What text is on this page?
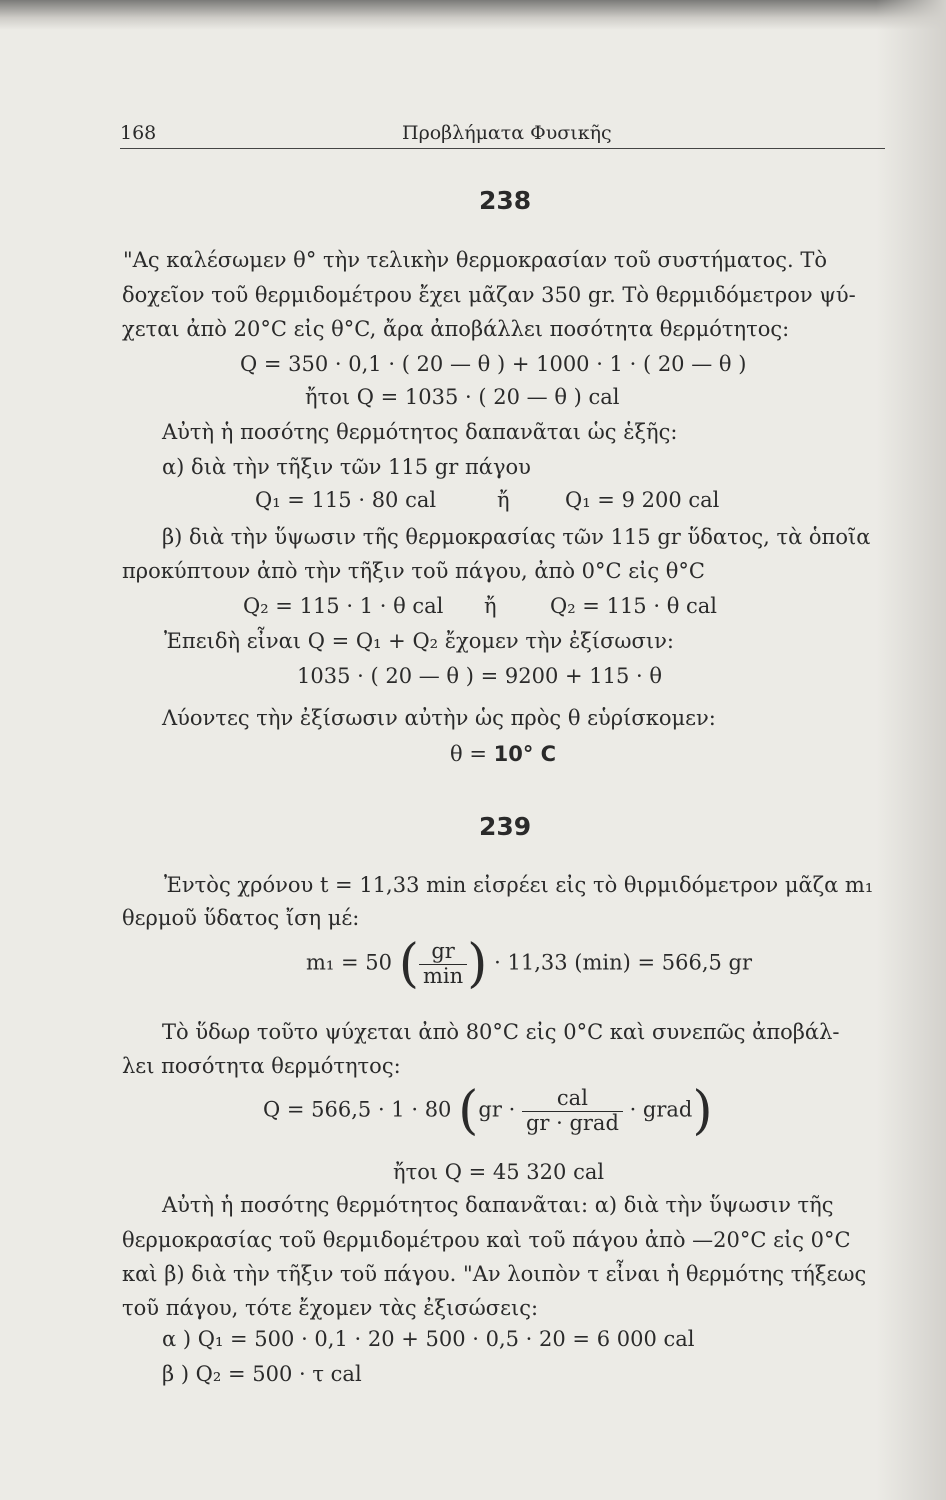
168	Προβλήματα Φυσικῆς
238
"Ας καλέσωμεν θ° τὴν τελικὴν θερμοκρασίαν τοῦ συστήματος. Τὸ
δοχεῖον τοῦ θερμιδομέτρου ἔχει μᾶζαν 350 gr. Τὸ θερμιδόμετρον ψύ-
χεται ἀπὸ 20°C εἰς θ°C, ἄρα ἀποβάλλει ποσότητα θερμότητος:
Q = 350 · 0,1 · ( 20 — θ ) + 1000 · 1 · ( 20 — θ )
ἤτοι Q = 1035 · ( 20 — θ ) cal
Αὐτὴ ἡ ποσότης θερμότητος δαπανᾶται ὡς ἑξῆς:
α) διὰ τὴν τῆξιν τῶν 115 gr πάγου
Q₁ = 115 · 80 cal	ἤ	Q₁ = 9 200 cal
β) διὰ τὴν ὕψωσιν τῆς θερμοκρασίας τῶν 115 gr ὕδατος, τὰ ὁποῖα
προκύπτουν ἀπὸ τὴν τῆξιν τοῦ πάγου, ἀπὸ 0°C εἰς θ°C
Q₂ = 115 · 1 · θ cal ἤ	Q₂ = 115 · θ cal
Ἐπειδὴ εἶναι Q = Q₁ + Q₂ ἔχομεν τὴν ἐξίσωσιν:
1035 · ( 20 — θ ) = 9200 + 115 · θ
Λύοντες τὴν ἐξίσωσιν αὐτὴν ὡς πρὸς θ εὑρίσκομεν:
θ = 10° C
239
Ἐντὸς χρόνου t = 11,33 min εἰσρέει εἰς τὸ θιρμιδόμετρον μᾶζα m₁
θερμοῦ ὕδατος ἴση μέ:
m₁ = 50 ( $\frac{gr}{\min}$ ) · 11,33 (min) = 566,5 gr
Τὸ ὕδωρ τοῦτο ψύχεται ἀπὸ 80°C εἰς 0°C καὶ συνεπῶς ἀποβάλ-
λει ποσότητα θερμότητος:
Q = 566,5 · 1 · 80 ($gr \cdot \frac{\text{cal}}{\text{gr · grad}}$ · grad)
ἤτοι Q = 45 320 cal
Αὐτὴ ἡ ποσότης θερμότητος δαπανᾶται: α) διὰ τὴν ὕψωσιν τῆς
θερμοκρασίας τοῦ θερμιδομέτρου καὶ τοῦ πάγου ἀπὸ —20°C εἰς 0°C
καὶ β) διὰ τὴν τῆξιν τοῦ πάγου. "Αν λοιπὸν τ εἶναι ἡ θερμότης τήξεως
τοῦ πάγου, τότε ἔχομεν τὰς ἐξισώσεις:
α ) Q₁ = 500 · 0,1 · 20 + 500 · 0,5 · 20 = 6 000 cal
β ) Q₂ = 500 · τ cal
